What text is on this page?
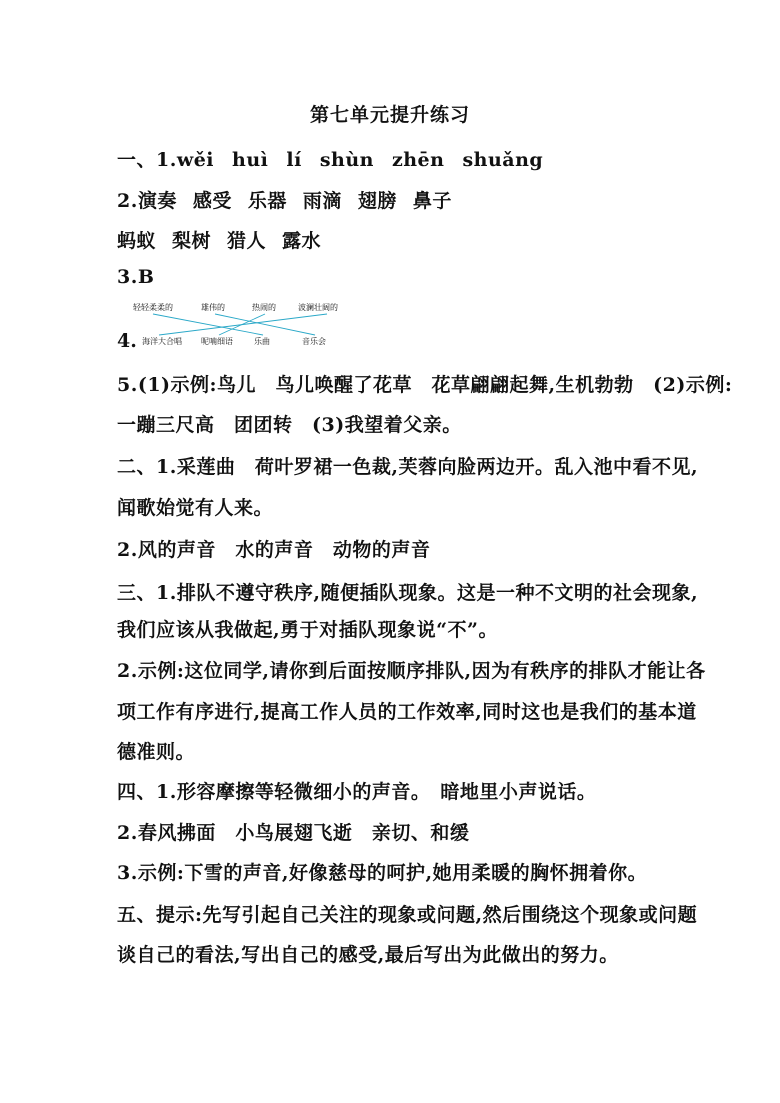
第七单元提升练习
一、1.wěi huì lí shùn zhēn shuǎng
2.演奏 感受 乐器 雨滴 翅膀 鼻子
蚂蚁 梨树 猎人 露水
3.B
4.
轻轻柔柔的	雄伟的	热闹的	波澜壮阔的
海洋大合唱 呢喃细语	乐曲	音乐会
5.(1)示例:鸟儿　鸟儿唤醒了花草　花草翩翩起舞,生机勃勃　(2)示例:
一蹦三尺高　团团转　(3)我望着父亲。
二、1.采莲曲　荷叶罗裙一色裁,芙蓉向脸两边开。乱入池中看不见,
闻歌始觉有人来。
2.风的声音　水的声音　动物的声音
三、1.排队不遵守秩序,随便插队现象。这是一种不文明的社会现象,
我们应该从我做起,勇于对插队现象说“不”。
2.示例:这位同学,请你到后面按顺序排队,因为有秩序的排队才能让各
项工作有序进行,提高工作人员的工作效率,同时这也是我们的基本道
德准则。
四、1.形容摩擦等轻微细小的声音。　暗地里小声说话。
2.春风拂面　小鸟展翅飞逝　亲切、和缓
3.示例:下雪的声音,好像慈母的呵护,她用柔暖的胸怀拥着你。
五、提示:先写引起自己关注的现象或问题,然后围绕这个现象或问题
谈自己的看法,写出自己的感受,最后写出为此做出的努力。
